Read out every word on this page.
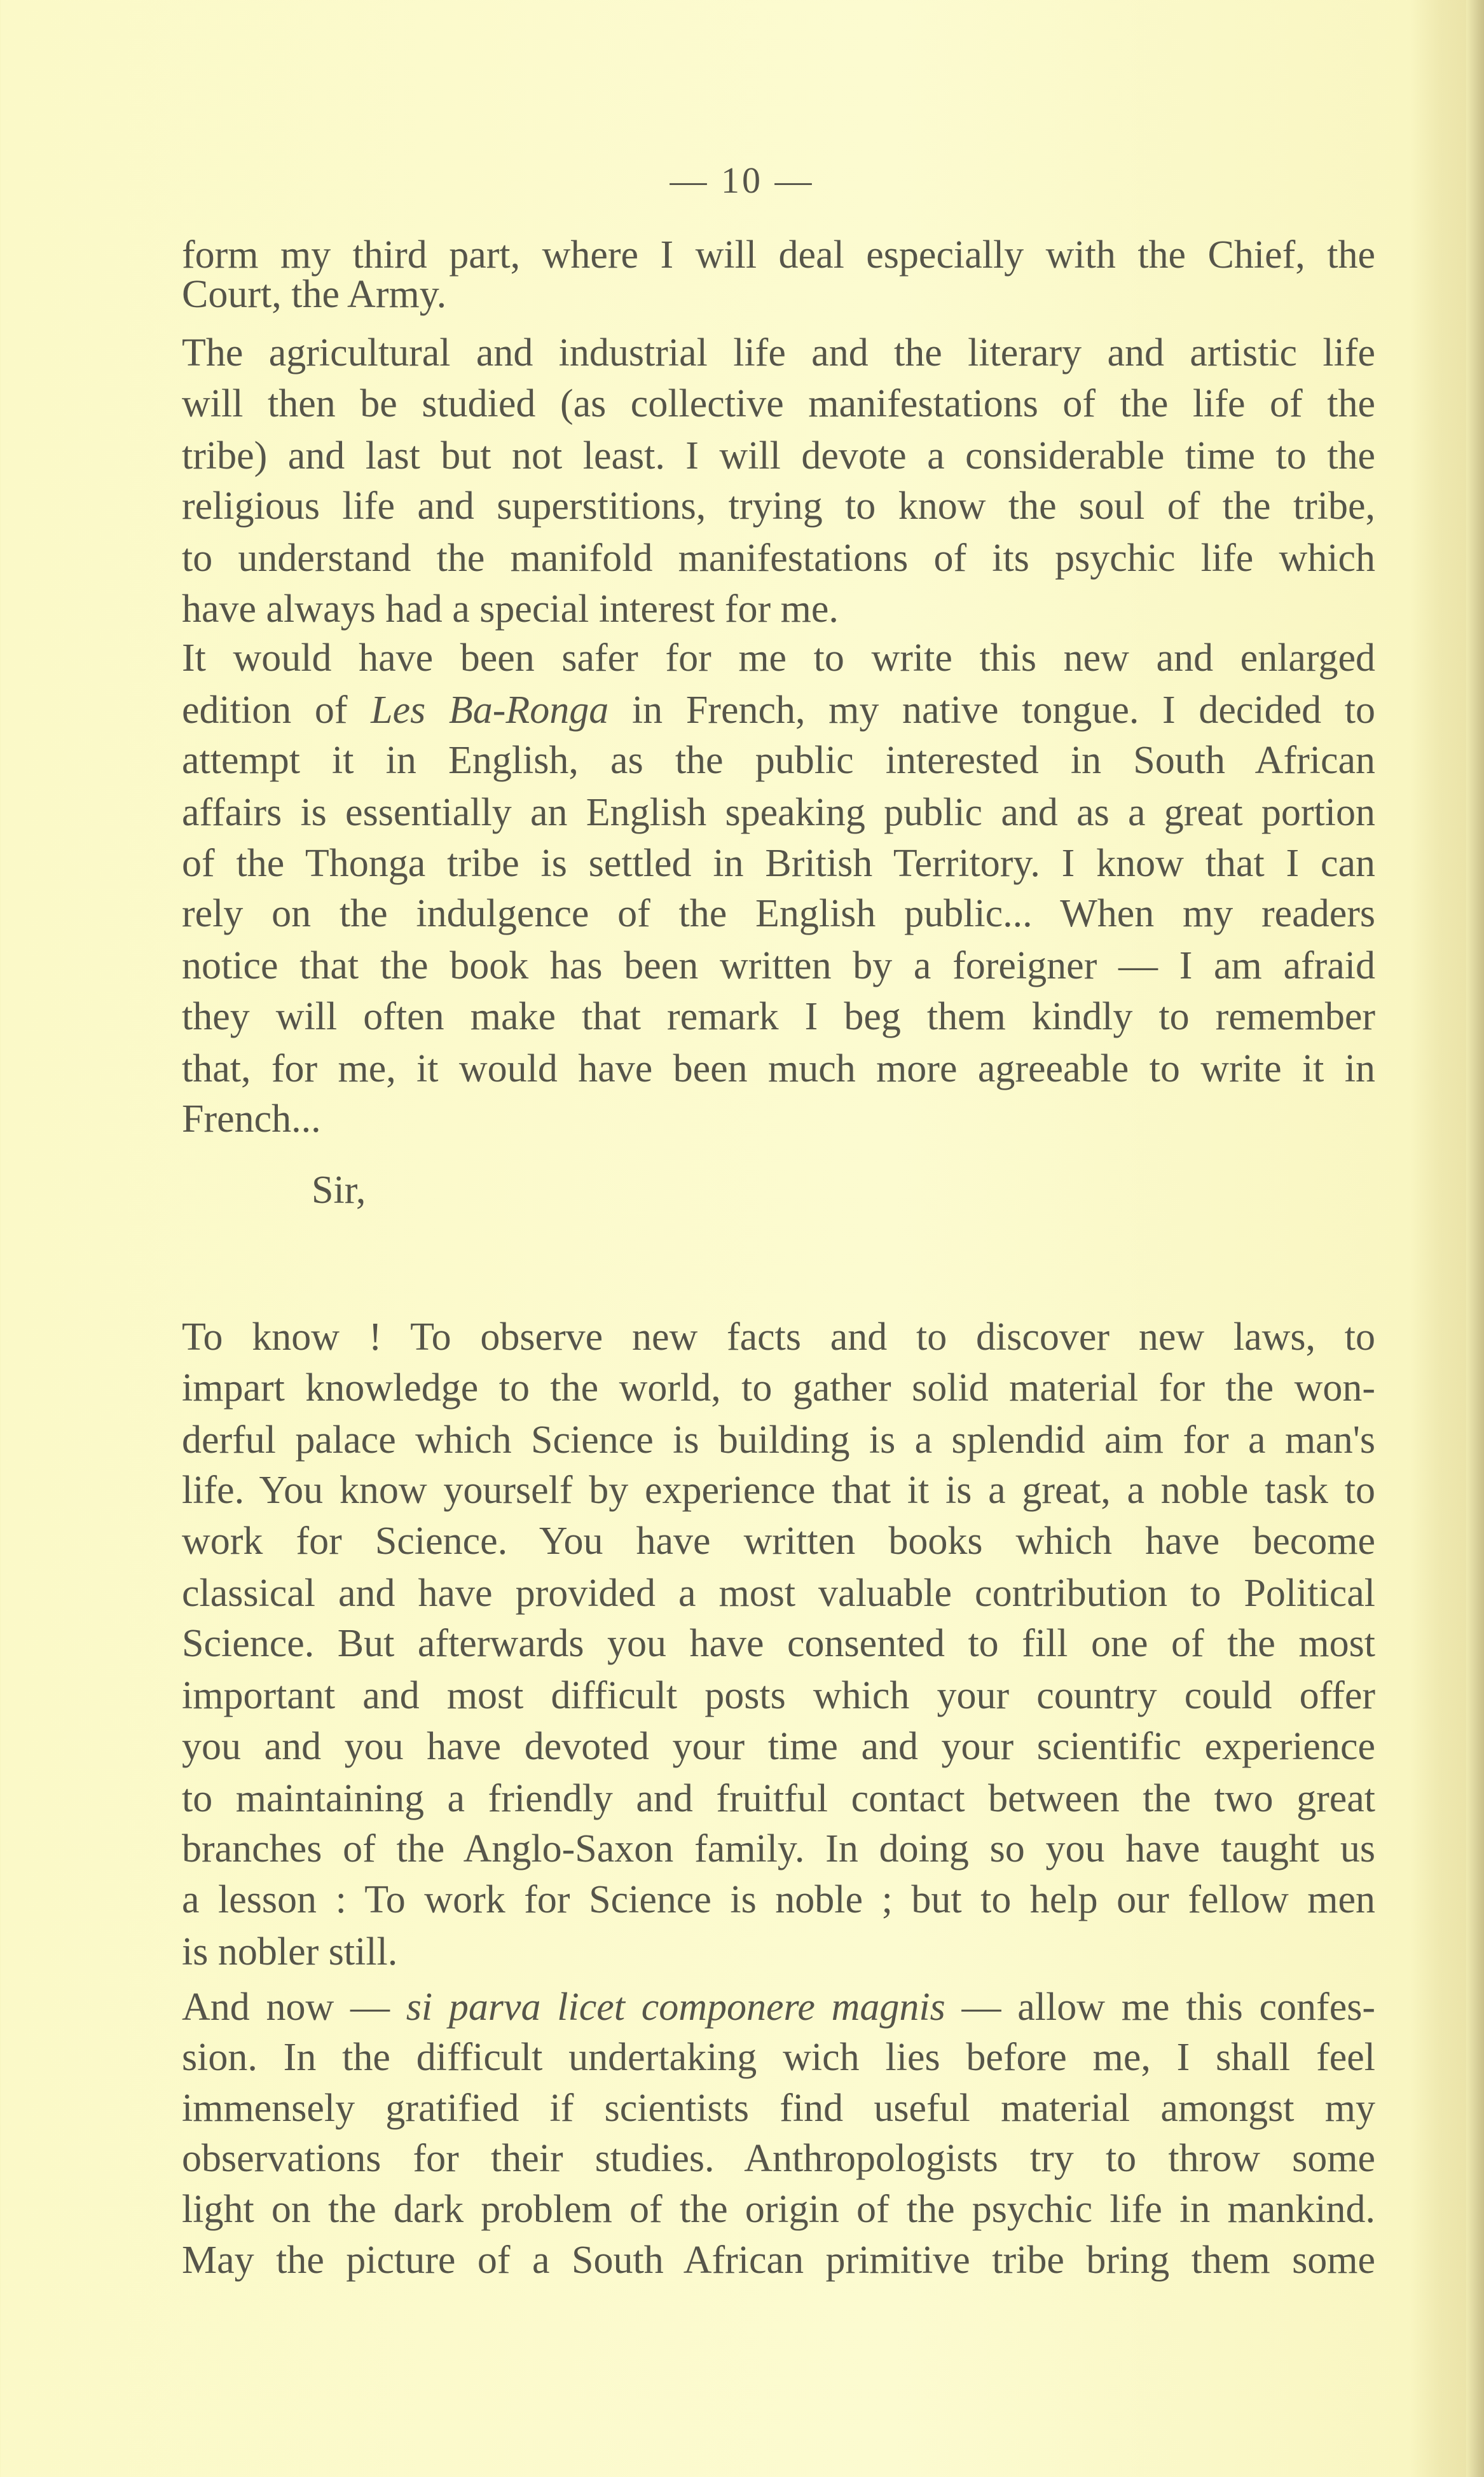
— 10 —
form my third part, where I will deal especially with the Chief, the
Court, the Army.
The agricultural and industrial life and the literary and artistic life
will then be studied (as collective manifestations of the life of the
tribe) and last but not least. I will devote a considerable time to the
religious life and superstitions, trying to know the soul of the tribe,
to understand the manifold manifestations of its psychic life which
have always had a special interest for me.
It would have been safer for me to write this new and enlarged
edition of Les Ba-Ronga in French, my native tongue. I decided to
attempt it in English, as the public interested in South African
affairs is essentially an English speaking public and as a great portion
of the Thonga tribe is settled in British Territory. I know that I can
rely on the indulgence of the English public... When my readers
notice that the book has been written by a foreigner — I am afraid
they will often make that remark I beg them kindly to remember
that, for me, it would have been much more agreeable to write it in
French...
Sir,
To know ! To observe new facts and to discover new laws, to
impart knowledge to the world, to gather solid material for the won-
derful palace which Science is building is a splendid aim for a man's
life. You know yourself by experience that it is a great, a noble task to
work for Science. You have written books which have become
classical and have provided a most valuable contribution to Political
Science. But afterwards you have consented to fill one of the most
important and most difficult posts which your country could offer
you and you have devoted your time and your scientific experience
to maintaining a friendly and fruitful contact between the two great
branches of the Anglo-Saxon family. In doing so you have taught us
a lesson : To work for Science is noble ; but to help our fellow men
is nobler still.
And now — si parva licet componere magnis — allow me this confes-
sion. In the difficult undertaking wich lies before me, I shall feel
immensely gratified if scientists find useful material amongst my
observations for their studies. Anthropologists try to throw some
light on the dark problem of the origin of the psychic life in mankind.
May the picture of a South African primitive tribe bring them some
